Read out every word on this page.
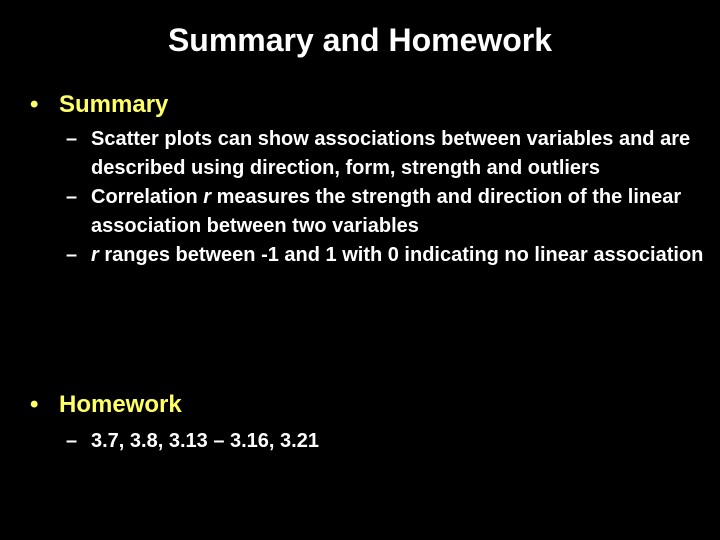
Summary and Homework
• Summary
– Scatter plots can show associations between variables and are described using direction, form, strength and outliers
– Correlation r measures the strength and direction of the linear association between two variables
– r ranges between -1 and 1 with 0 indicating no linear association
• Homework
– 3.7, 3.8, 3.13 – 3.16, 3.21
